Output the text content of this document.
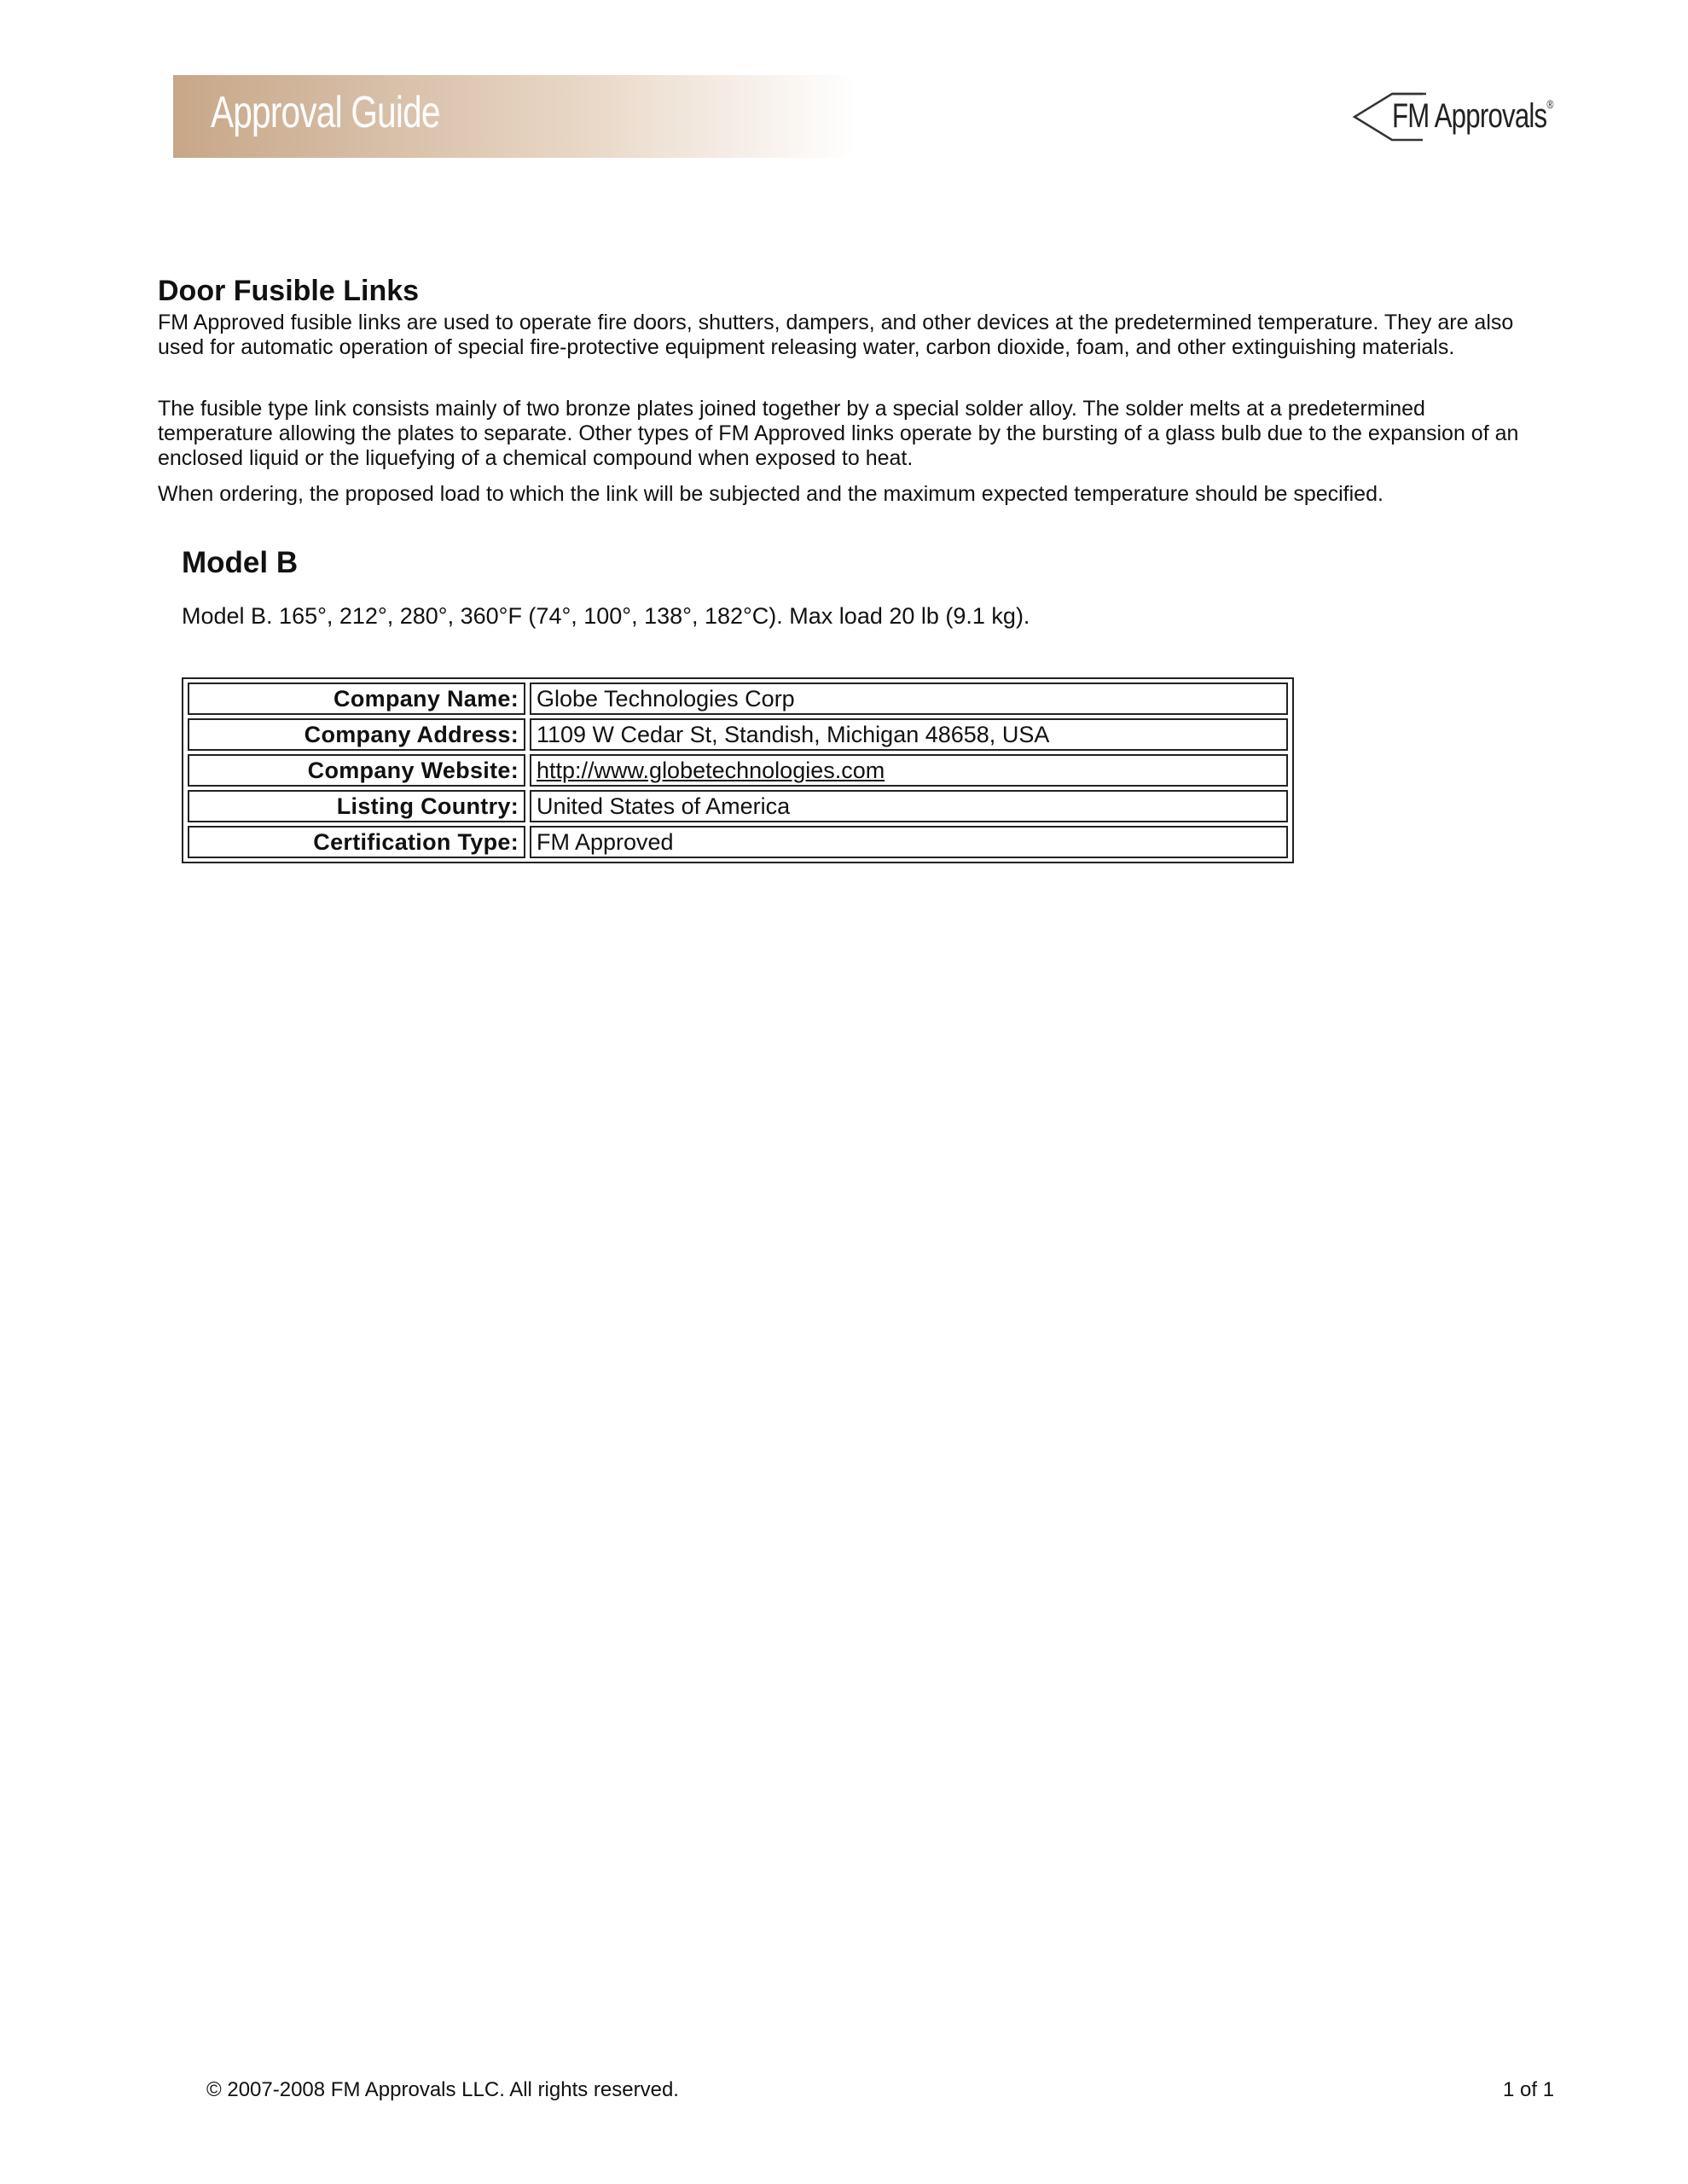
Approval Guide	FM Approvals®
Door Fusible Links

FM Approved fusible links are used to operate fire doors, shutters, dampers, and other devices at the predetermined temperature. They are also used for automatic operation of special fire-protective equipment releasing water, carbon dioxide, foam, and other extinguishing materials.

The fusible type link consists mainly of two bronze plates joined together by a special solder alloy. The solder melts at a predetermined temperature allowing the plates to separate. Other types of FM Approved links operate by the bursting of a glass bulb due to the expansion of an enclosed liquid or the liquefying of a chemical compound when exposed to heat.

When ordering, the proposed load to which the link will be subjected and the maximum expected temperature should be specified.

Model B

Model B. 165°, 212°, 280°, 360°F (74°, 100°, 138°, 182°C). Max load 20 lb (9.1 kg).

Company Name:	Globe Technologies Corp
Company Address:	1109 W Cedar St, Standish, Michigan 48658, USA
Company Website:	http://www.globetechnologies.com
Listing Country:	United States of America
Certification Type:	FM Approved
© 2007-2008 FM Approvals LLC. All rights reserved.	1 of 1
